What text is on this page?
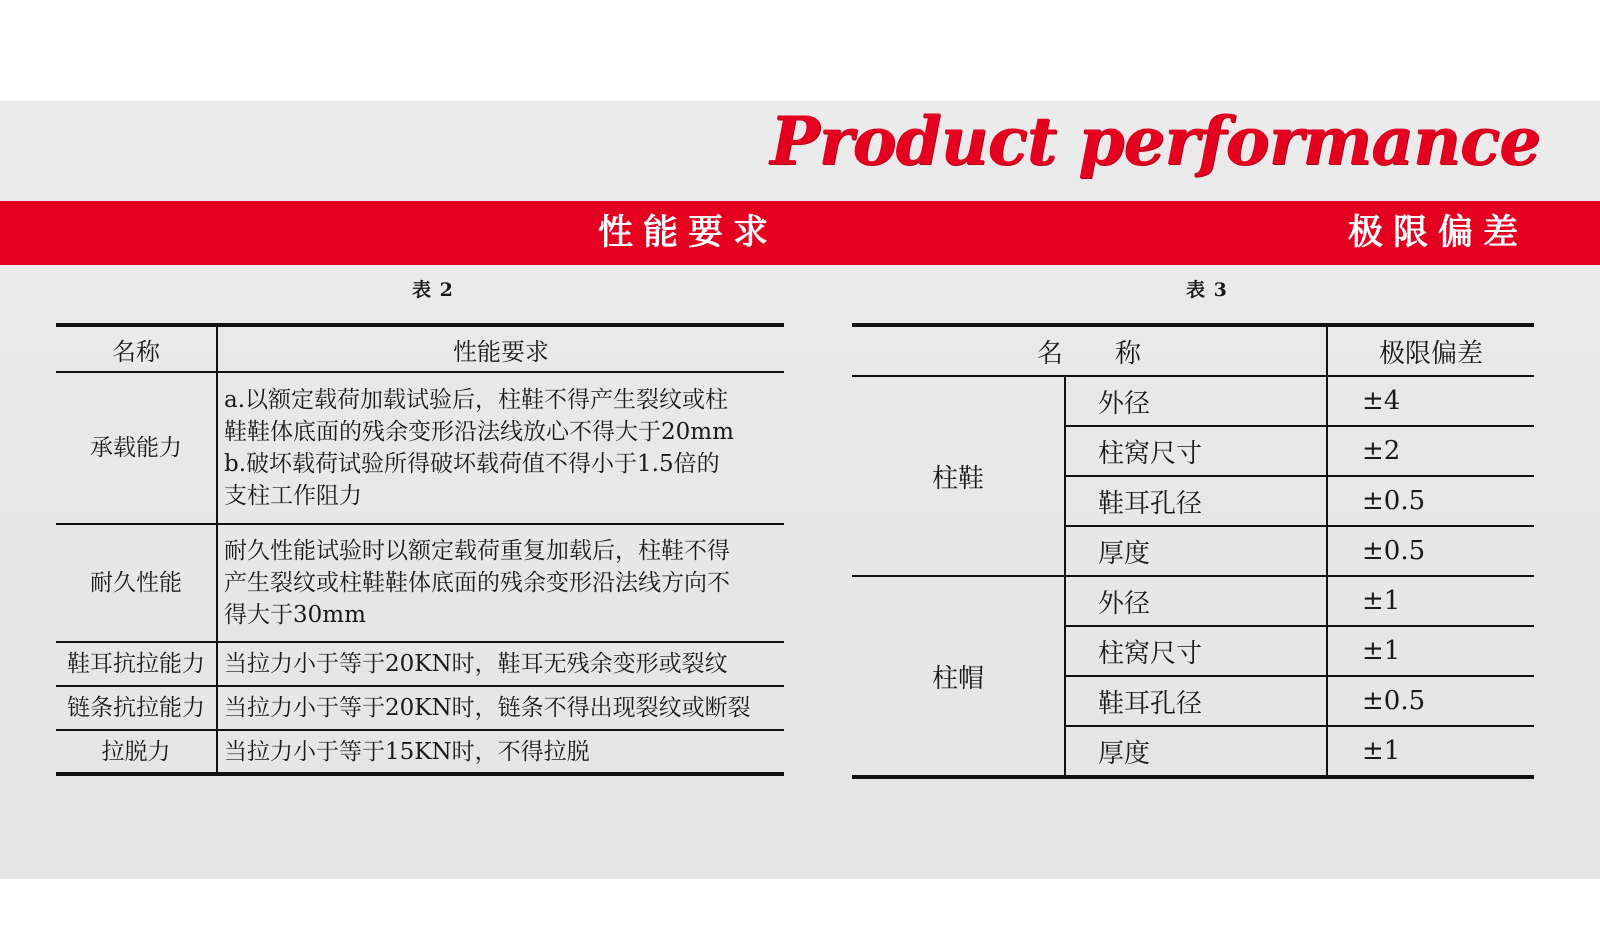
Product performance
性能要求	极限偏差
表 2	表 3
名称	性能要求
承载能力	a.以额定载荷加载试验后，柱鞋不得产生裂纹或柱
鞋鞋体底面的残余变形沿法线放心不得大于20mm
b.破坏载荷试验所得破坏载荷值不得小于1.5倍的
支柱工作阻力

耐久性能	耐久性能试验时以额定载荷重复加载后，柱鞋不得
产生裂纹或柱鞋鞋体底面的残余变形沿法线方向不
得大于30mm

鞋耳抗拉能力	当拉力小于等于20KN时，鞋耳无残余变形或裂纹

链条抗拉能力	当拉力小于等于20KN时，链条不得出现裂纹或断裂

拉脱力	当拉力小于等于15KN时，不得拉脱
名　　称		极限偏差
柱鞋	外径	±4
	柱窝尺寸	±2
	鞋耳孔径	±0.5
	厚度	±0.5
柱帽	外径	±1
	柱窝尺寸	±1
	鞋耳孔径	±0.5
	厚度	±1
